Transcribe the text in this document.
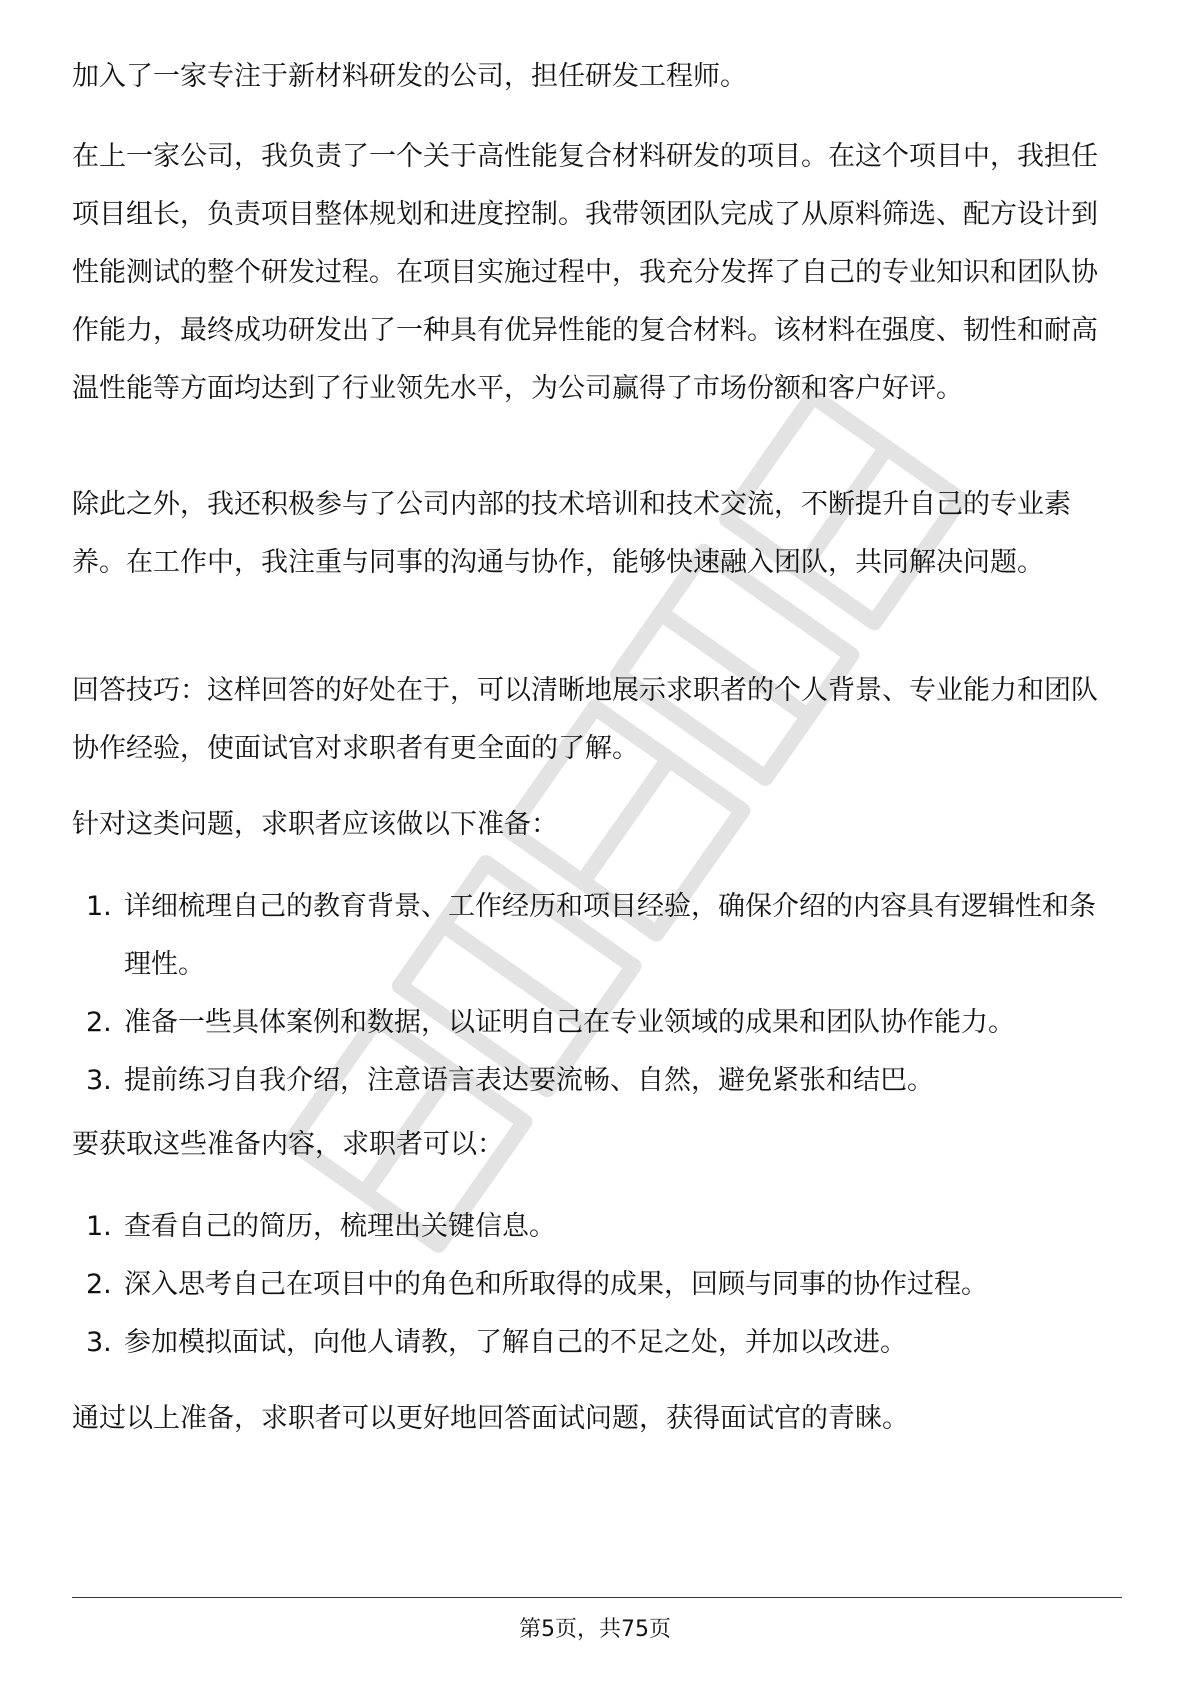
加入了一家专注于新材料研发的公司，担任研发工程师。

在上一家公司，我负责了一个关于高性能复合材料研发的项目。在这个项目中，我担任项目组长，负责项目整体规划和进度控制。我带领团队完成了从原料筛选、配方设计到性能测试的整个研发过程。在项目实施过程中，我充分发挥了自己的专业知识和团队协作能力，最终成功研发出了一种具有优异性能的复合材料。该材料在强度、韧性和耐高温性能等方面均达到了行业领先水平，为公司赢得了市场份额和客户好评。

除此之外，我还积极参与了公司内部的技术培训和技术交流，不断提升自己的专业素养。在工作中，我注重与同事的沟通与协作，能够快速融入团队，共同解决问题。

回答技巧：这样回答的好处在于，可以清晰地展示求职者的个人背景、专业能力和团队协作经验，使面试官对求职者有更全面的了解。

针对这类问题，求职者应该做以下准备：

1. 详细梳理自己的教育背景、工作经历和项目经验，确保介绍的内容具有逻辑性和条理性。
2. 准备一些具体案例和数据，以证明自己在专业领域的成果和团队协作能力。
3. 提前练习自我介绍，注意语言表达要流畅、自然，避免紧张和结巴。

要获取这些准备内容，求职者可以：

1. 查看自己的简历，梳理出关键信息。
2. 深入思考自己在项目中的角色和所取得的成果，回顾与同事的协作过程。
3. 参加模拟面试，向他人请教，了解自己的不足之处，并加以改进。

通过以上准备，求职者可以更好地回答面试问题，获得面试官的青睐。

第5页，共75页
